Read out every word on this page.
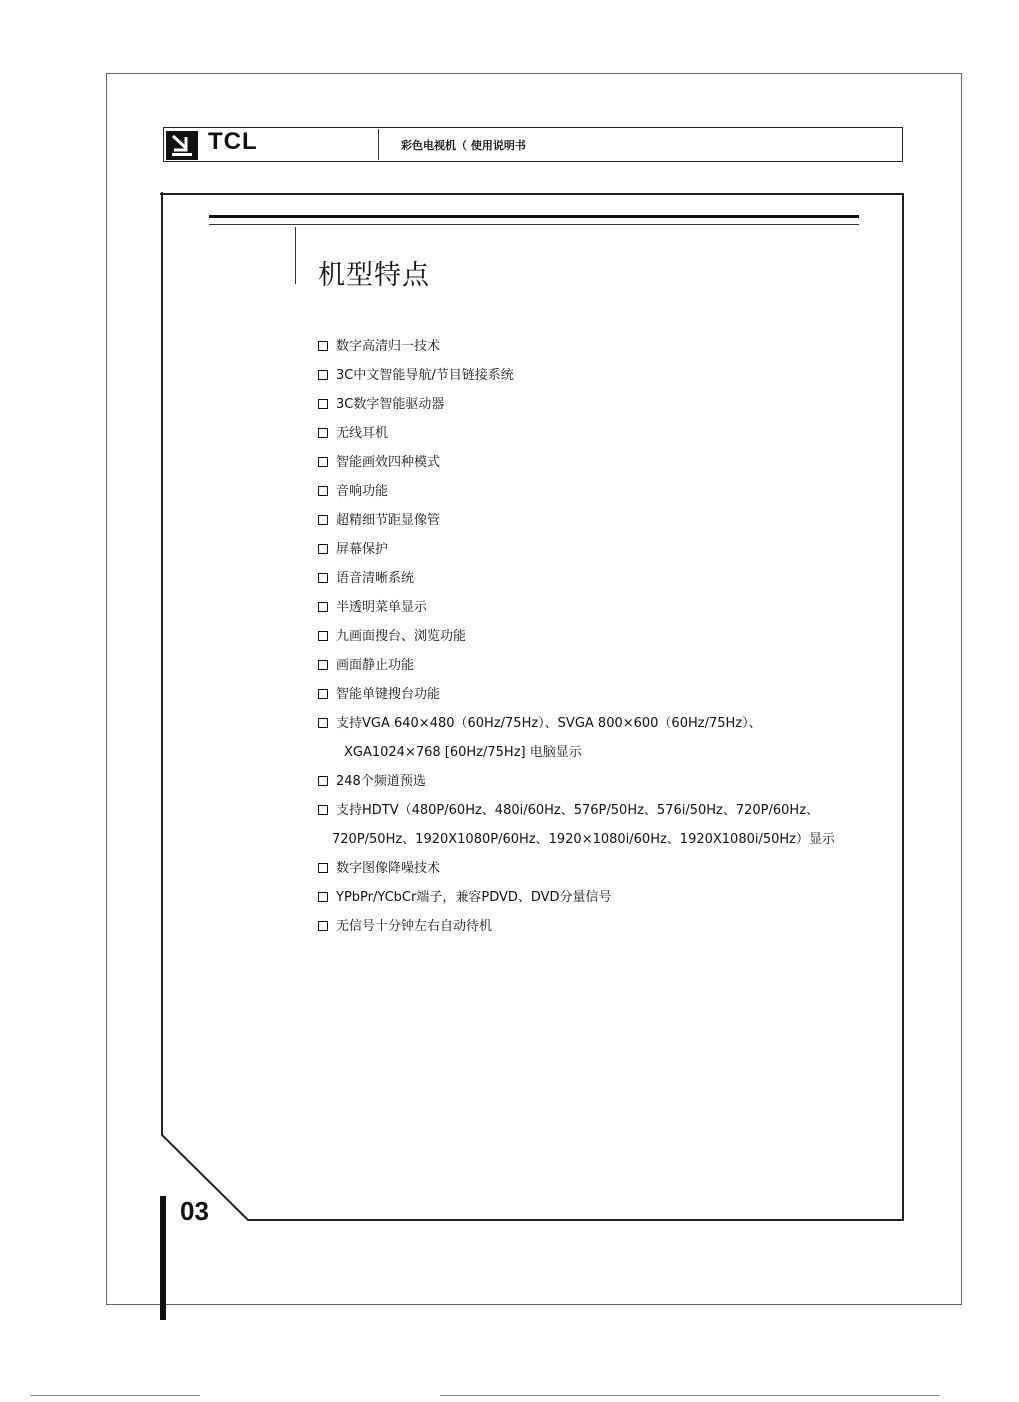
TCL	彩色电视机（ 使用说明书
机型特点
数字高清归一技术
3C中文智能导航/节目链接系统
3C数字智能驱动器
无线耳机
智能画效四种模式
音响功能
超精细节距显像管
屏幕保护
语音清晰系统
半透明菜单显示
九画面搜台、浏览功能
画面静止功能
智能单键搜台功能
支持VGA 640×480（60Hz/75Hz）、SVGA 800×600（60Hz/75Hz）、
XGA1024×768 [60Hz/75Hz] 电脑显示
248个频道预选
支持HDTV（480P/60Hz、480i/60Hz、576P/50Hz、576i/50Hz、720P/60Hz、
720P/50Hz、1920X1080P/60Hz、1920×1080i/60Hz、1920X1080i/50Hz）显示
数字图像降噪技术
YPbPr/YCbCr端子，兼容PDVD、DVD分量信号
无信号十分钟左右自动待机
03
